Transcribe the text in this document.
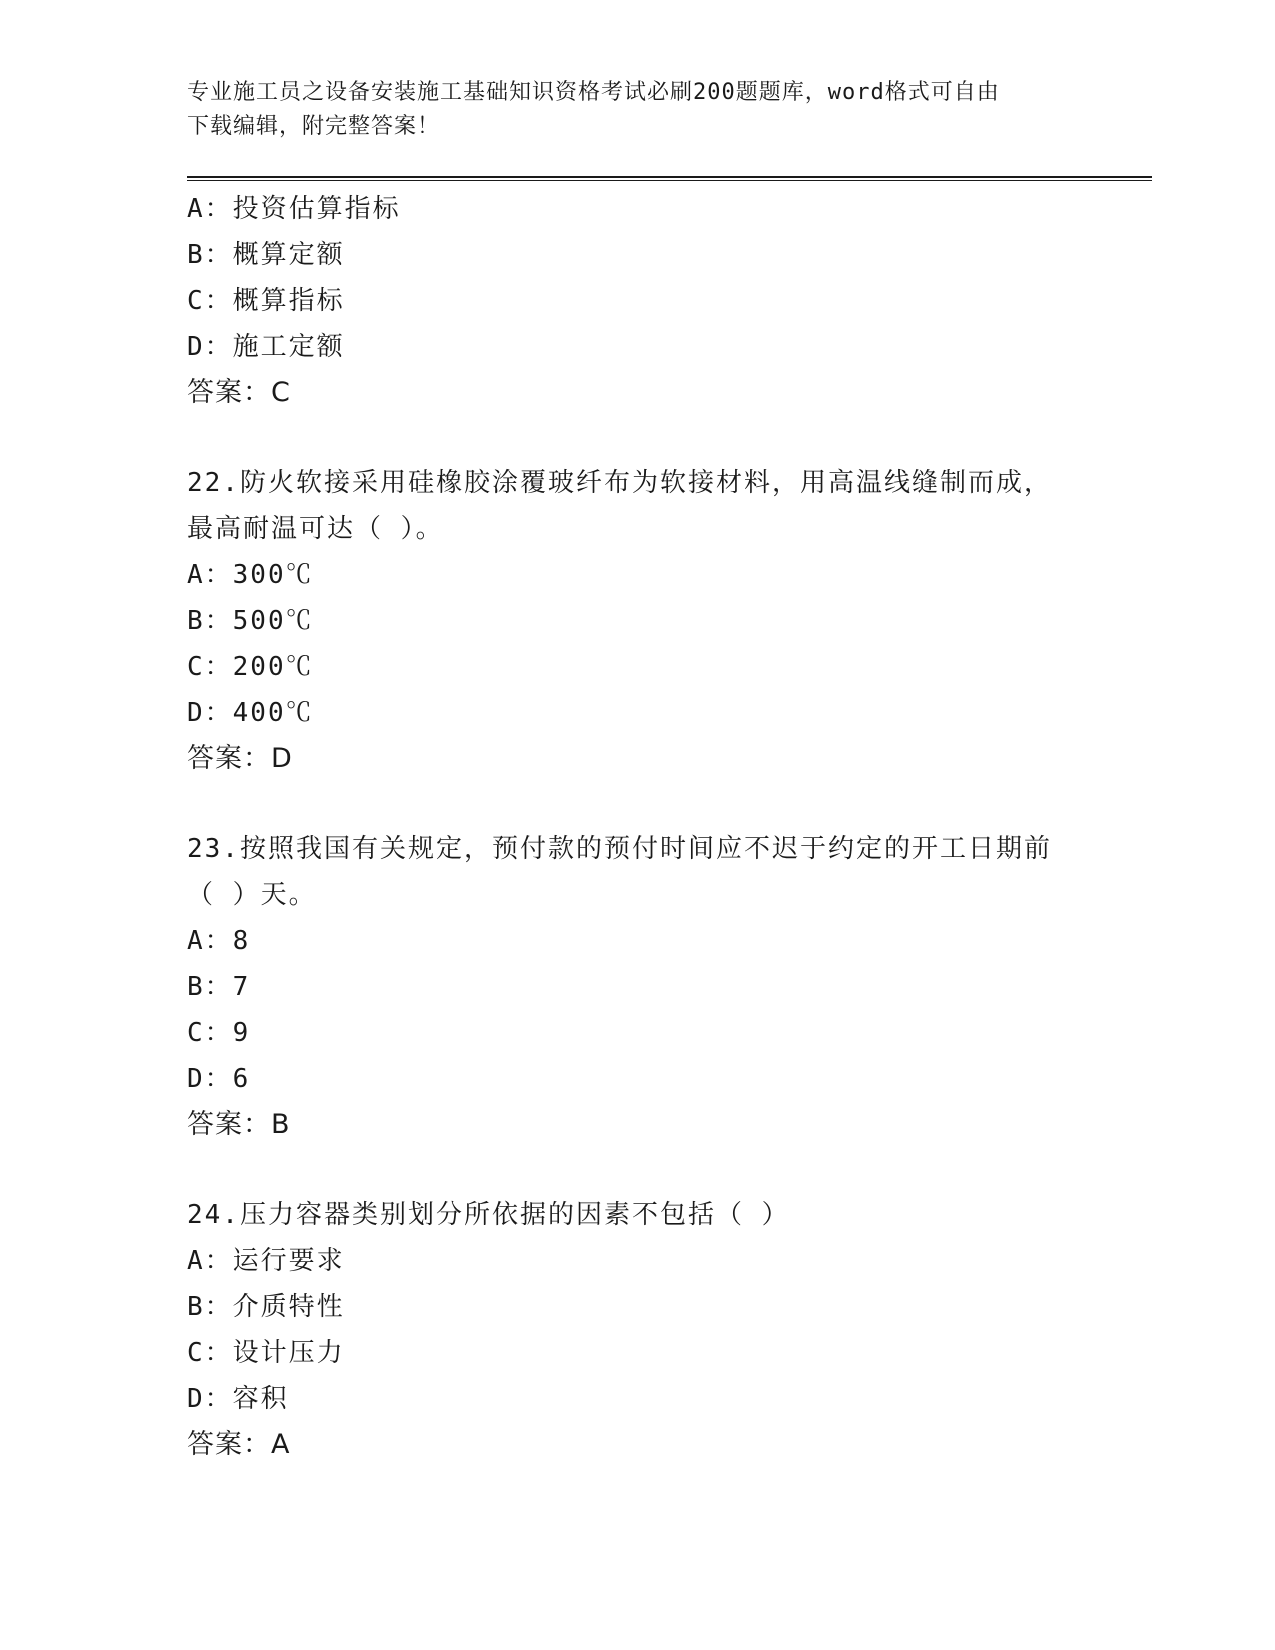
专业施工员之设备安装施工基础知识资格考试必刷200题题库，word格式可自由
下载编辑，附完整答案！
A：投资估算指标
B：概算定额
C：概算指标
D：施工定额
答案：C
22.防火软接采用硅橡胶涂覆玻纤布为软接材料，用高温线缝制而成，
最高耐温可达（ ）。
A：300℃
B：500℃
C：200℃
D：400℃
答案：D
23.按照我国有关规定，预付款的预付时间应不迟于约定的开工日期前
（ ）天。
A：8
B：7
C：9
D：6
答案：B
24.压力容器类别划分所依据的因素不包括（ ）
A：运行要求
B：介质特性
C：设计压力
D：容积
答案：A
